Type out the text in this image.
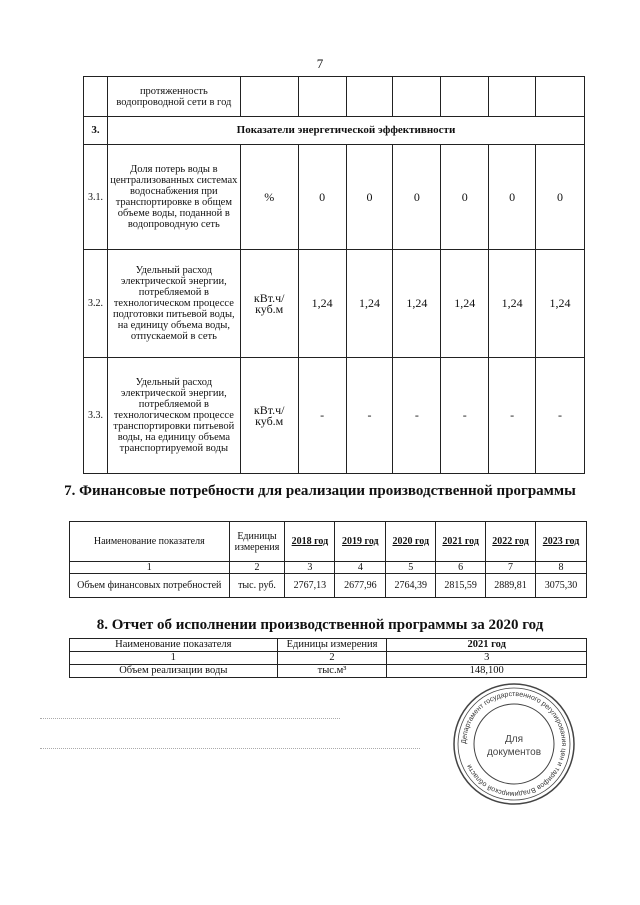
7
	протяженность водопроводной сети в год							
3.	Показатели энергетической эффективности							
3.1.	Доля потерь воды в централизованных системах водоснабжения при транспортировке в общем объеме воды, поданной в водопроводную сеть	%	0	0	0	0	0	0
3.2.	Удельный расход электрической энергии, потребляемой в технологическом процессе подготовки питьевой воды, на единицу объема воды, отпускаемой в сеть	кВт.ч/куб.м	1,24	1,24	1,24	1,24	1,24	1,24
3.3.	Удельный расход электрической энергии, потребляемой в технологическом процессе транспортировки питьевой воды, на единицу объема транспортируемой воды	кВт.ч/куб.м	-	-	-	-	-	-
7. Финансовые потребности для реализации производственной программы
Наименование показателя	Единицы измерения	2018 год	2019 год	2020 год	2021 год	2022 год	2023 год
1	2	3	4	5	6	7	8
Объем финансовых потребностей	тыс. руб.	2767,13	2677,96	2764,39	2815,59	2889,81	3075,30
8. Отчет об исполнении производственной программы за 2020 год
Наименование показателя	Единицы измерения	2021 год
1	2	3
Объем реализации воды	тыс.м³	148,100
Департамент государственного регулирования цен и тарифов Владимирской области
Для
документов
